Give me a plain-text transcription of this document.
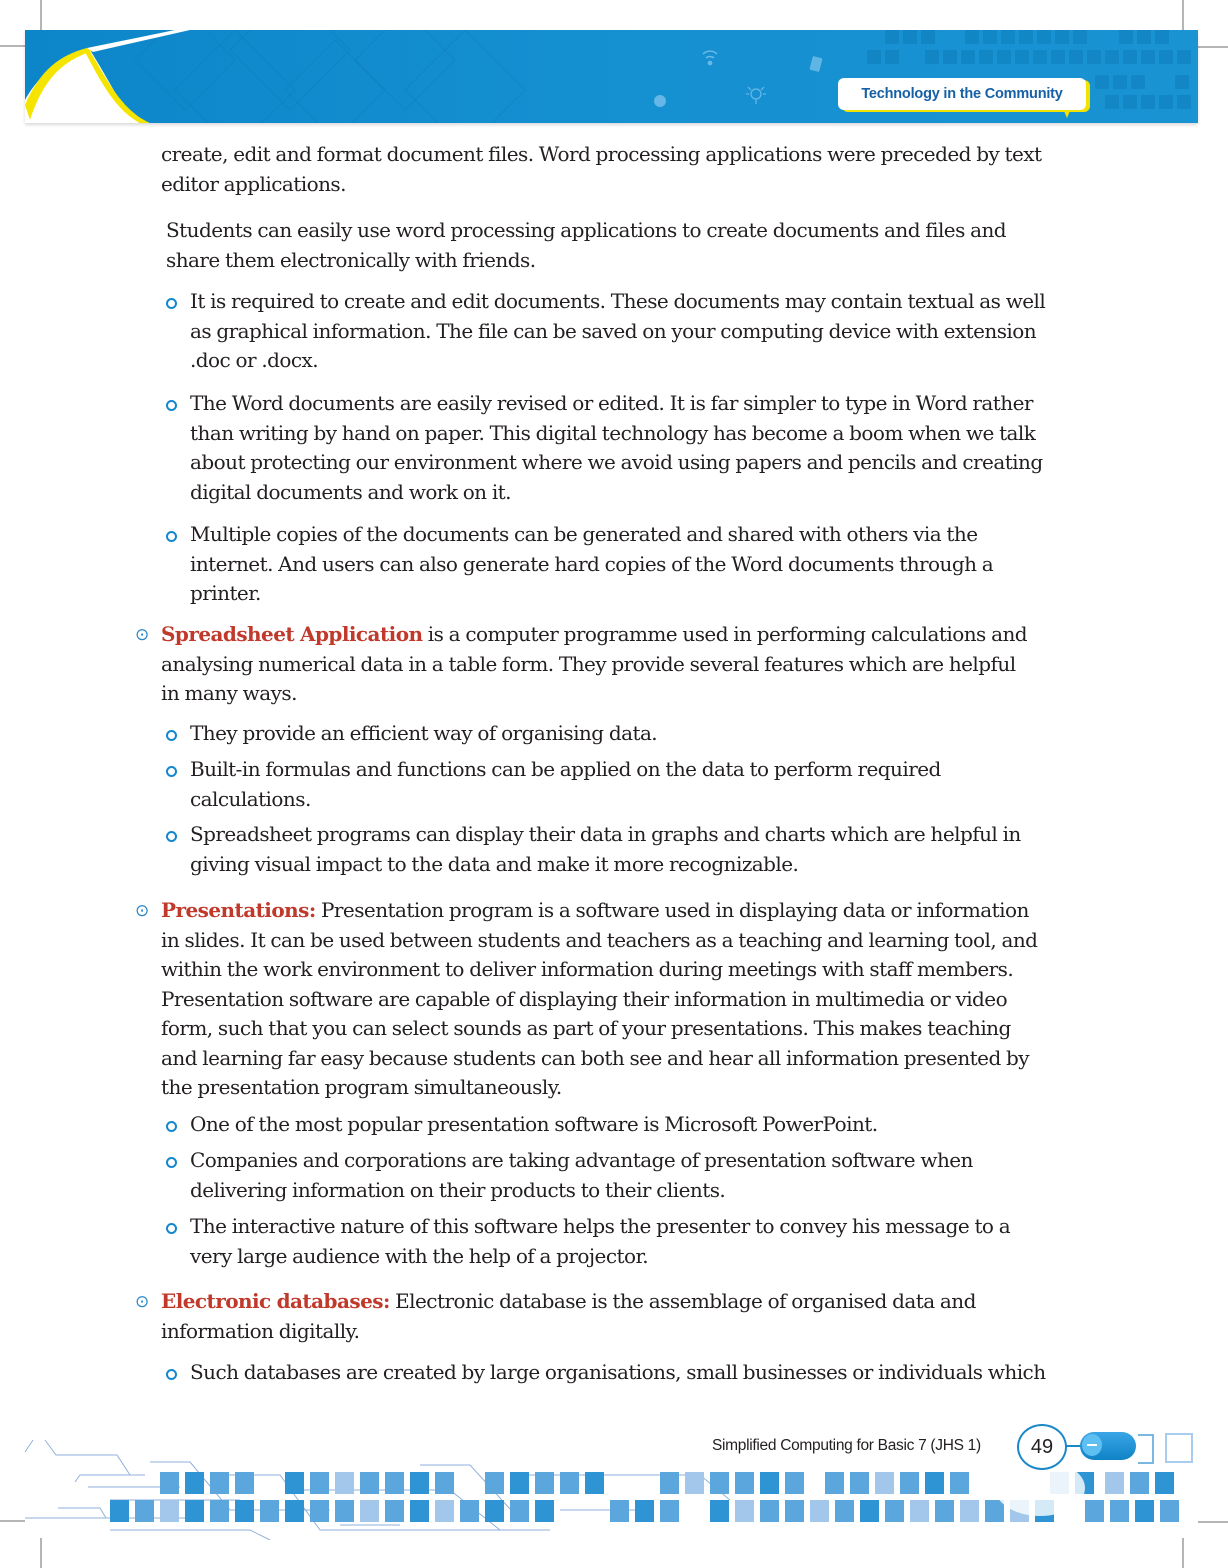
Technology in the Community
create, edit and format document files. Word processing applications were preceded by text
editor applications.
Students can easily use word processing applications to create documents and files and
share them electronically with friends.
It is required to create and edit documents. These documents may contain textual as well
as graphical information. The file can be saved on your computing device with extension
.doc or .docx.
The Word documents are easily revised or edited. It is far simpler to type in Word rather
than writing by hand on paper. This digital technology has become a boom when we talk
about protecting our environment where we avoid using papers and pencils and creating
digital documents and work on it.
Multiple copies of the documents can be generated and shared with others via the
internet. And users can also generate hard copies of the Word documents through a
printer.
⊙ Spreadsheet Application is a computer programme used in performing calculations and
analysing numerical data in a table form. They provide several features which are helpful
in many ways.
They provide an efficient way of organising data.
Built-in formulas and functions can be applied on the data to perform required
calculations.
Spreadsheet programs can display their data in graphs and charts which are helpful in
giving visual impact to the data and make it more recognizable.
⊙ Presentations: Presentation program is a software used in displaying data or information
in slides. It can be used between students and teachers as a teaching and learning tool, and
within the work environment to deliver information during meetings with staff members.
Presentation software are capable of displaying their information in multimedia or video
form, such that you can select sounds as part of your presentations. This makes teaching
and learning far easy because students can both see and hear all information presented by
the presentation program simultaneously.
One of the most popular presentation software is Microsoft PowerPoint.
Companies and corporations are taking advantage of presentation software when
delivering information on their products to their clients.
The interactive nature of this software helps the presenter to convey his message to a
very large audience with the help of a projector.
⊙ Electronic databases: Electronic database is the assemblage of organised data and
information digitally.
Such databases are created by large organisations, small businesses or individuals which
Simplified Computing for Basic 7 (JHS 1)	49
